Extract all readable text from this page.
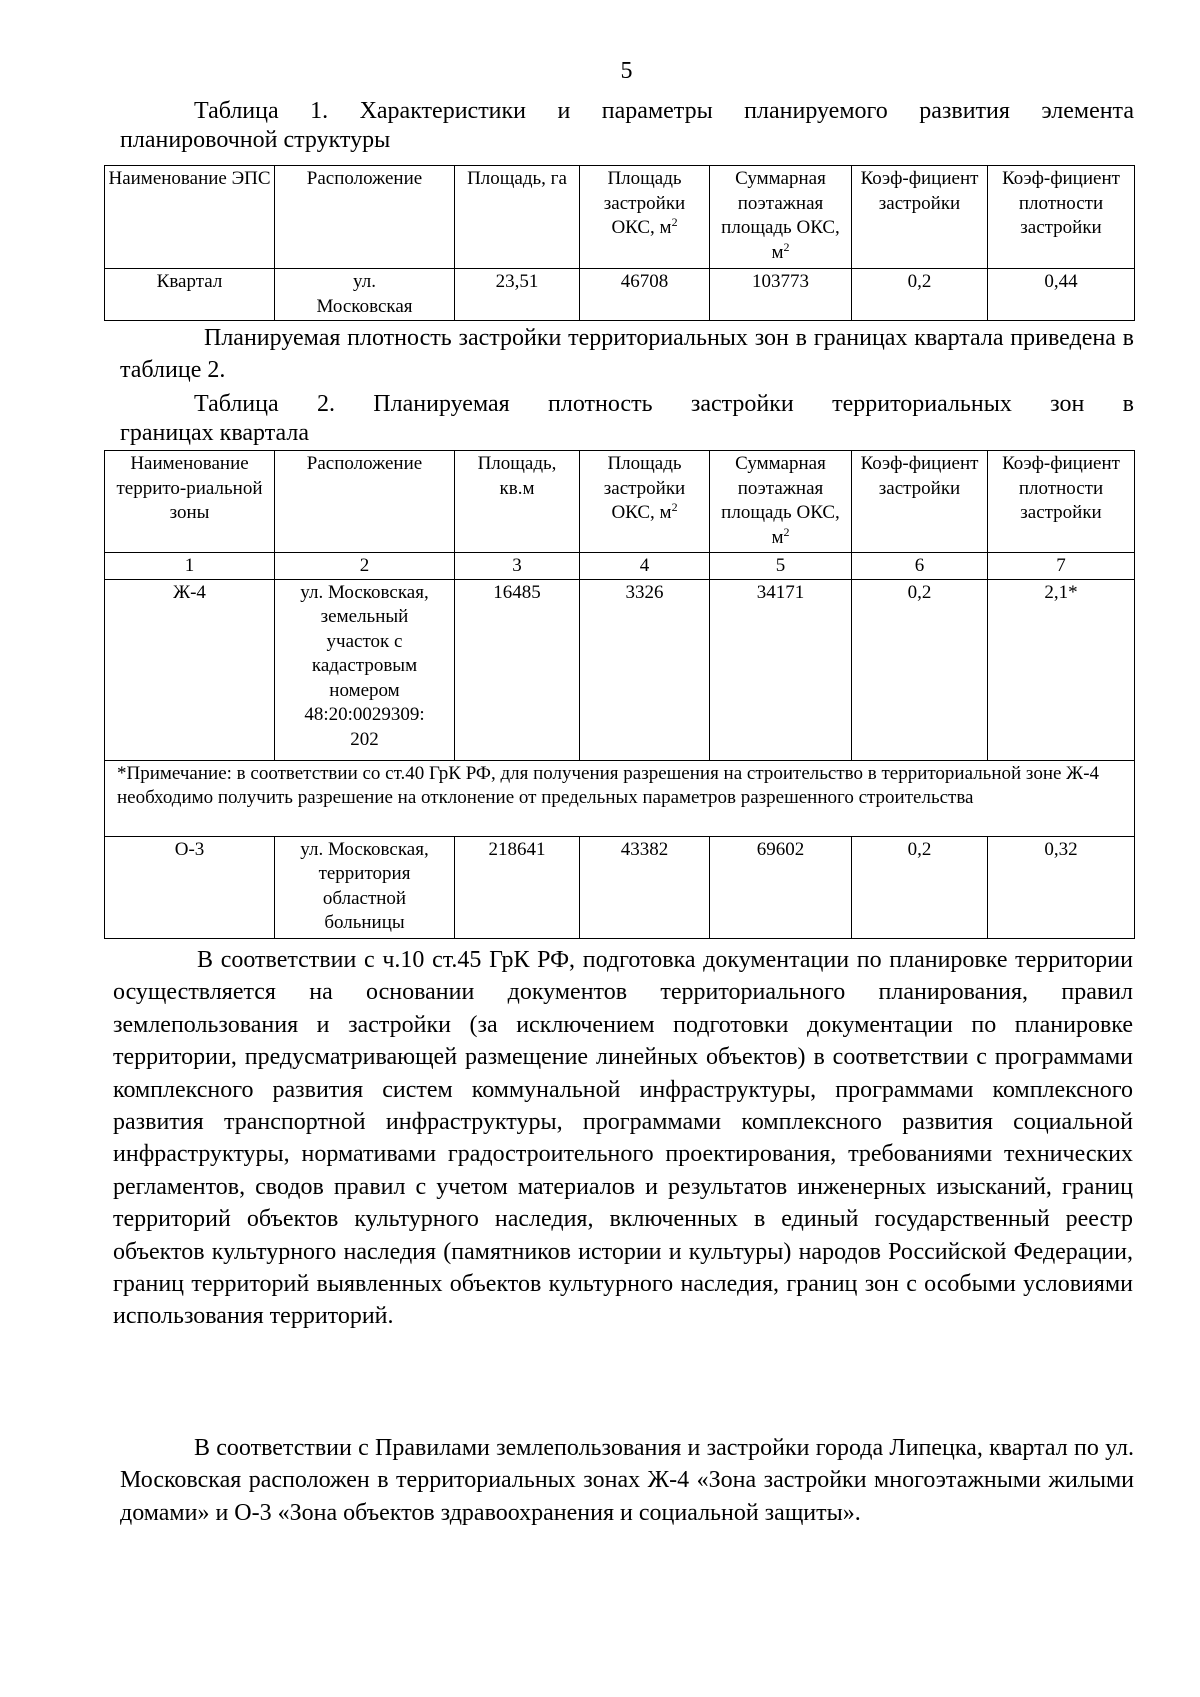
5
Таблица 1. Характеристики и параметры планируемого развития элемента
планировочной структуры
Наименование ЭПС	Расположение	Площадь, га	Площадь застройки ОКС, $м^2$	Суммарная поэтажная площадь ОКС, $м^2$	Коэф-фициент застройки	Коэф-фициент плотности застройки
Квартал	ул. Московская	23,51	46708	103773	0,2	0,44
Планируемая плотность застройки территориальных зон в границах квартала приведена в таблице 2.
Таблица 2. Планируемая плотность застройки территориальных зон в
границах квартала
Наименование террито-риальной зоны	Расположение	Площадь, кв.м	Площадь застройки ОКС, $м^2$	Суммарная поэтажная площадь ОКС, $м^2$	Коэф-фициент застройки	Коэф-фициент плотности застройки
1	2	3	4	5	6	7
Ж-4	ул. Московская, земельный участок с кадастровым номером 48:20:0029309: 202	16485	3326	34171	0,2	2,1*
*Примечание: в соответствии со ст.40 ГрК РФ, для получения разрешения на строительство в территориальной зоне Ж-4 необходимо получить разрешение на отклонение от предельных параметров разрешенного строительства						
О-3	ул. Московская, территория областной больницы	218641	43382	69602	0,2	0,32
В соответствии с ч.10 ст.45 ГрК РФ, подготовка документации по планировке территории осуществляется на основании документов территориального планирования, правил землепользования и застройки (за исключением подготовки документации по планировке территории, предусматривающей размещение линейных объектов) в соответствии с программами комплексного развития систем коммунальной инфраструктуры, программами комплексного развития транспортной инфраструктуры, программами комплексного развития социальной инфраструктуры, нормативами градостроительного проектирования, требованиями технических регламентов, сводов правил с учетом материалов и результатов инженерных изысканий, границ территорий объектов культурного наследия, включенных в единый государственный реестр объектов культурного наследия (памятников истории и культуры) народов Российской Федерации, границ территорий выявленных объектов культурного наследия, границ зон с особыми условиями использования территорий.
В соответствии с Правилами землепользования и застройки города Липецка, квартал по ул. Московская расположен в территориальных зонах Ж-4 «Зона застройки многоэтажными жилыми домами» и О-3 «Зона объектов здравоохранения и социальной защиты».
